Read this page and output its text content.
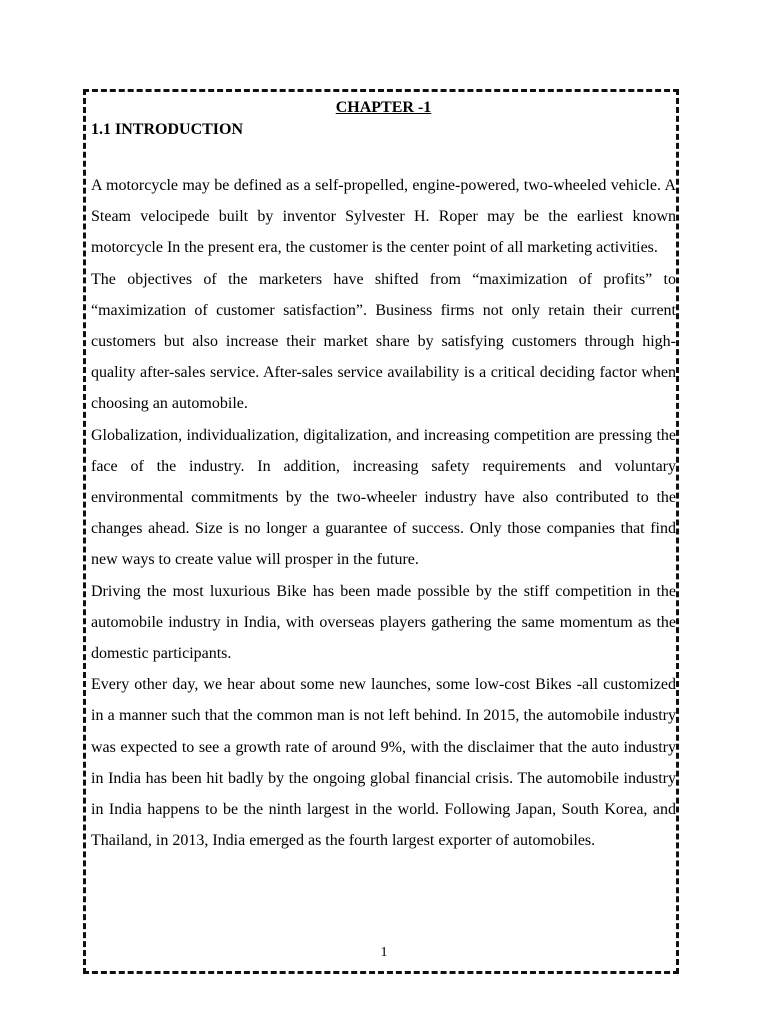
CHAPTER -1
1.1 INTRODUCTION

A motorcycle may be defined as a self-propelled, engine-powered, two-wheeled vehicle. A Steam velocipede built by inventor Sylvester H. Roper may be the earliest known motorcycle In the present era, the customer is the center point of all marketing activities.

The objectives of the marketers have shifted from “maximization of profits” to “maximization of customer satisfaction”. Business firms not only retain their current customers but also increase their market share by satisfying customers through high-quality after-sales service. After-sales service availability is a critical deciding factor when choosing an automobile.

Globalization, individualization, digitalization, and increasing competition are pressing the face of the industry. In addition, increasing safety requirements and voluntary environmental commitments by the two-wheeler industry have also contributed to the changes ahead. Size is no longer a guarantee of success. Only those companies that find new ways to create value will prosper in the future.

Driving the most luxurious Bike has been made possible by the stiff competition in the automobile industry in India, with overseas players gathering the same momentum as the domestic participants.

Every other day, we hear about some new launches, some low-cost Bikes -all customized in a manner such that the common man is not left behind. In 2015, the automobile industry was expected to see a growth rate of around 9%, with the disclaimer that the auto industry in India has been hit badly by the ongoing global financial crisis. The automobile industry in India happens to be the ninth largest in the world. Following Japan, South Korea, and Thailand, in 2013, India emerged as the fourth largest exporter of automobiles.

1
